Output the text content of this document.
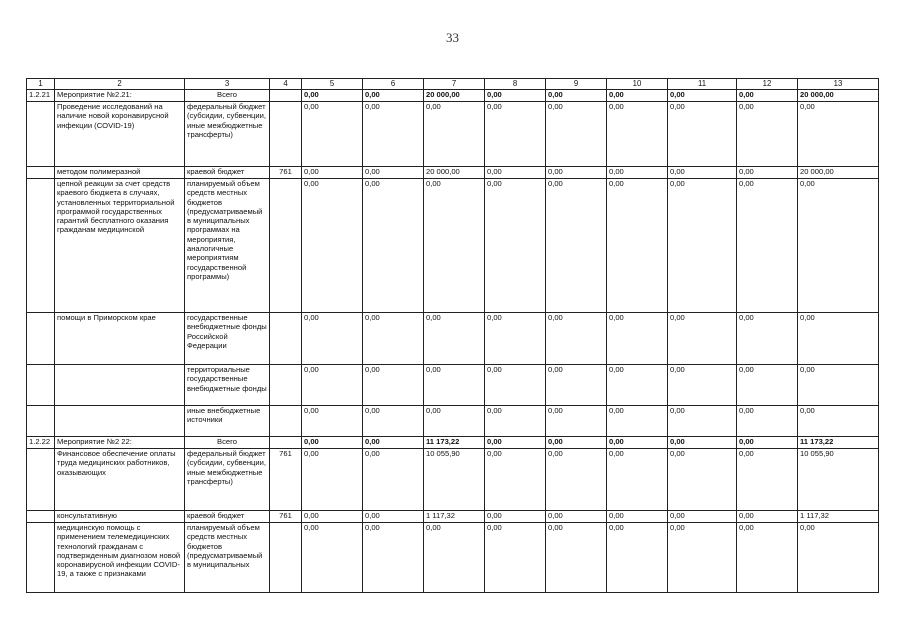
33
1	2	3	4	5	6	7	8	9	10	11	12	13
1.2.21	Мероприятие №2.21:	Всего		0,00	0,00	20 000,00	0,00	0,00	0,00	0,00	0,00	20 000,00
	Проведение исследований на наличие новой коронавирусной инфекции (COVID-19)	федеральный бюджет (субсидии, субвенции, иные межбюджетные трансферты)		0,00	0,00	0,00	0,00	0,00	0,00	0,00	0,00	0,00
	методом полимеразной	краевой бюджет	761	0,00	0,00	20 000,00	0,00	0,00	0,00	0,00	0,00	20 000,00
	цепной реакции за счет средств краевого бюджета в случаях, установленных территориальной программой государственных гарантий бесплатного оказания гражданам медицинской	планируемый объем средств местных бюджетов (предусматриваемый в муниципальных программах на мероприятия, аналогичные мероприятиям государственной программы)		0,00	0,00	0,00	0,00	0,00	0,00	0,00	0,00	0,00
	помощи в Приморском крае	государственные внебюджетные фонды Российской Федерации		0,00	0,00	0,00	0,00	0,00	0,00	0,00	0,00	0,00
		территориальные государственные внебюджетные фонды		0,00	0,00	0,00	0,00	0,00	0,00	0,00	0,00	0,00
		иные внебюджетные источники		0,00	0,00	0,00	0,00	0,00	0,00	0,00	0,00	0,00
1.2.22	Мероприятие №2 22:	Всего		0,00	0,00	11 173,22	0,00	0,00	0,00	0,00	0,00	11 173,22
	Финансовое обеспечение оплаты труда медицинских работников, оказывающих	федеральный бюджет (субсидии, субвенции, иные межбюджетные трансферты)	761	0,00	0,00	10 055,90	0,00	0,00	0,00	0,00	0,00	10 055,90
	консультативную	краевой бюджет	761	0,00	0,00	1 117,32	0,00	0,00	0,00	0,00	0,00	1 117,32
	медицинскую помощь с применением телемедицинских технологий гражданам с подтвержденным диагнозом новой коронавирусной инфекции COVID-19, а также с признаками	планируемый объем средств местных бюджетов (предусматриваемый в муниципальных		0,00	0,00	0,00	0,00	0,00	0,00	0,00	0,00	0,00
